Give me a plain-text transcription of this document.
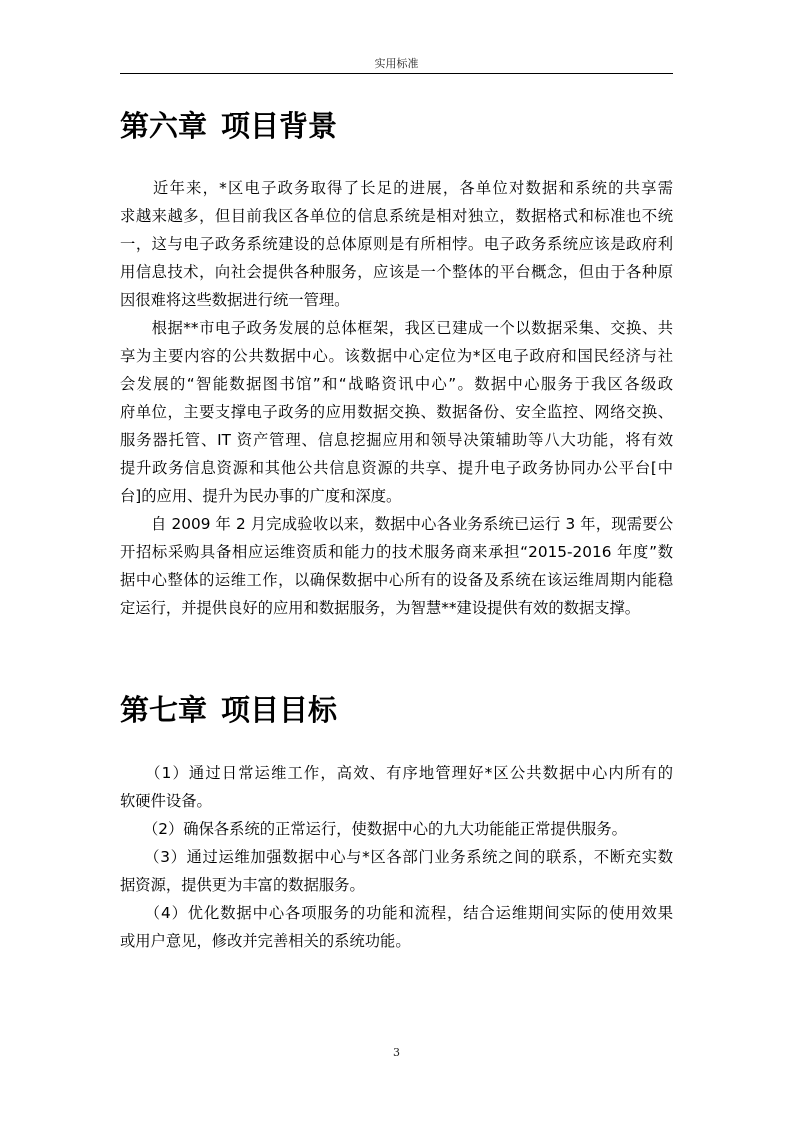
实用标准
第六章 项目背景
　　近年来，*区电子政务取得了长足的进展，各单位对数据和系统的共享需
求越来越多，但目前我区各单位的信息系统是相对独立，数据格式和标准也不统
一，这与电子政务系统建设的总体原则是有所相悖。电子政务系统应该是政府利
用信息技术，向社会提供各种服务，应该是一个整体的平台概念，但由于各种原
因很难将这些数据进行统一管理。
　　根据**市电子政务发展的总体框架，我区已建成一个以数据采集、交换、共
享为主要内容的公共数据中心。该数据中心定位为*区电子政府和国民经济与社
会发展的“智能数据图书馆”和“战略资讯中心”。数据中心服务于我区各级政
府单位，主要支撑电子政务的应用数据交换、数据备份、安全监控、网络交换、
服务器托管、IT 资产管理、信息挖掘应用和领导决策辅助等八大功能，将有效
提升政务信息资源和其他公共信息资源的共享、提升电子政务协同办公平台[中
台]的应用、提升为民办事的广度和深度。
　　自 2009 年 2 月完成验收以来，数据中心各业务系统已运行 3 年，现需要公
开招标采购具备相应运维资质和能力的技术服务商来承担“2015-2016 年度”数
据中心整体的运维工作，以确保数据中心所有的设备及系统在该运维周期内能稳
定运行，并提供良好的应用和数据服务，为智慧**建设提供有效的数据支撑。
第七章 项目目标
　　（1）通过日常运维工作，高效、有序地管理好*区公共数据中心内所有的
软硬件设备。
　　（2）确保各系统的正常运行，使数据中心的九大功能能正常提供服务。
　　（3）通过运维加强数据中心与*区各部门业务系统之间的联系，不断充实数
据资源，提供更为丰富的数据服务。
　　（4）优化数据中心各项服务的功能和流程，结合运维期间实际的使用效果
或用户意见，修改并完善相关的系统功能。
3
